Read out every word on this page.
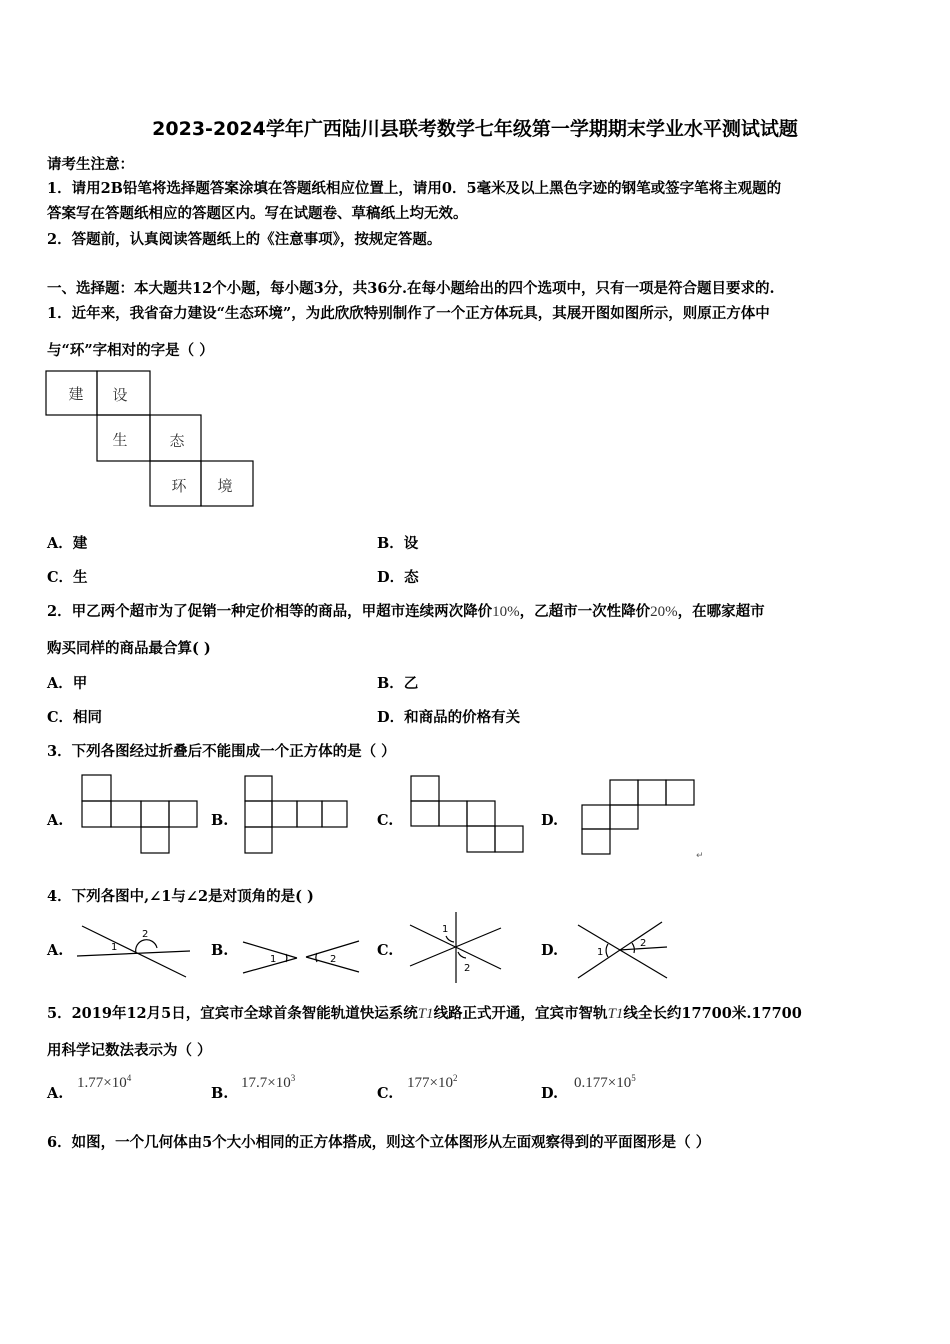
2023-2024学年广西陆川县联考数学七年级第一学期期末学业水平测试试题
请考生注意：
1．请用2B铅笔将选择题答案涂填在答题纸相应位置上，请用0．5毫米及以上黑色字迹的钢笔或签字笔将主观题的
答案写在答题纸相应的答题区内。写在试题卷、草稿纸上均无效。
2．答题前，认真阅读答题纸上的《注意事项》，按规定答题。
一、选择题：本大题共12个小题，每小题3分，共36分.在每小题给出的四个选项中，只有一项是符合题目要求的.
1．近年来，我省奋力建设“生态环境”，为此欣欣特别制作了一个正方体玩具，其展开图如图所示，则原正方体中
与“环”字相对的字是（ ）
建 设
生	态
环 境
A．建	B．设
C．生	D．态
2．甲乙两个超市为了促销一种定价相等的商品，甲超市连续两次降价10%，乙超市一次性降价20%，在哪家超市
购买同样的商品最合算( )
A．甲	B．乙
C．相同	D．和商品的价格有关
3．下列各图经过折叠后不能围成一个正方体的是（ ）
A.	B.	C.	D.
↵
4．下列各图中,∠1与∠2是对顶角的是( )
A.	B.	C.	D.
1
2
1	2
1
2
1
2
5．2019年12月5日，宜宾市全球首条智能轨道快运系统T1线路正式开通，宜宾市智轨T1线全长约17700米.17700
用科学记数法表示为（ ）
A.
$1.77\times 10^4$
B.
$17.7\times 10^3$
C.
$177\times 10^2$
D.
$0.177\times 10^5$
6．如图，一个几何体由5个大小相同的正方体搭成，则这个立体图形从左面观察得到的平面图形是（ ）
